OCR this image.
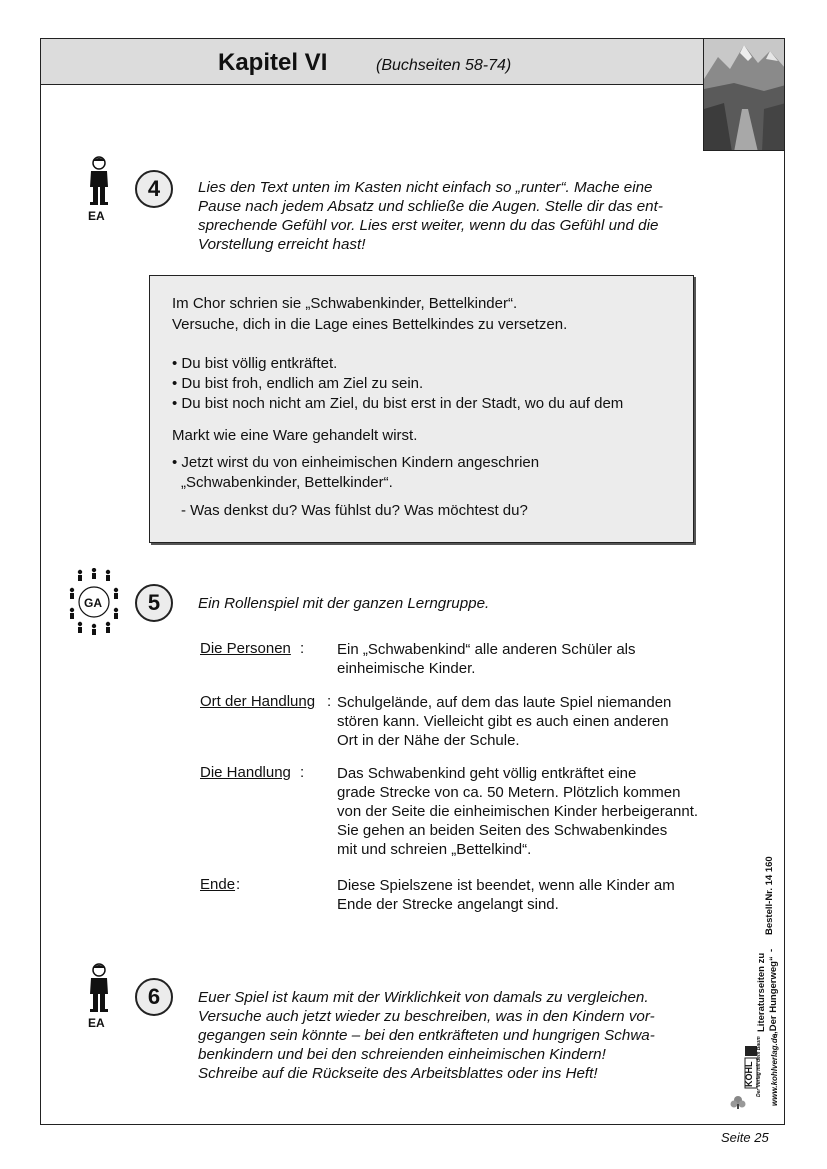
Kapitel VI	(Buchseiten 58-74)
EA
4	Lies den Text unten im Kasten nicht einfach so „runter“. Mache eine
Pause nach jedem Absatz und schließe die Augen. Stelle dir das ent-
sprechende Gefühl vor. Lies erst weiter, wenn du das Gefühl und die
Vorstellung erreicht hast!
Im Chor schrien sie „Schwabenkinder, Bettelkinder“.
Versuche, dich in die Lage eines Bettelkindes zu versetzen.
• Du bist völlig entkräftet.
• Du bist froh, endlich am Ziel zu sein.
• Du bist noch nicht am Ziel, du bist erst in der Stadt, wo du auf dem
Markt wie eine Ware gehandelt wirst.
• Jetzt wirst du von einheimischen Kindern angeschrien
„Schwabenkinder, Bettelkinder“.
- Was denkst du? Was fühlst du? Was möchtest du?
GA	5	Ein Rollenspiel mit der ganzen Lerngruppe.
Die Personen : Ein „Schwabenkind“ alle anderen Schüler als
einheimische Kinder.
Ort der Handlung : Schulgelände, auf dem das laute Spiel niemanden
stören kann. Vielleicht gibt es auch einen anderen
Ort in der Nähe der Schule.
Die Handlung : Das Schwabenkind geht völlig entkräftet eine
grade Strecke von ca. 50 Metern. Plötzlich kommen
von der Seite die einheimischen Kinder herbeigerannt.
Sie gehen an beiden Seiten des Schwabenkindes
mit und schreien „Bettelkind“.
Ende :	Diese Spielszene ist beendet, wenn alle Kinder am
Ende der Strecke angelangt sind.
EA
6	Euer Spiel ist kaum mit der Wirklichkeit von damals zu vergleichen.
Versuche auch jetzt wieder zu beschreiben, was in den Kindern vor-
gegangen sein könnte – bei den entkräfteten und hungrigen Schwa-
benkindern und bei den schreienden einheimischen Kindern!
Schreibe auf die Rückseite des Arbeitsblattes oder ins Heft!
Bestell-Nr. 14 160
-
Literaturseiten zu „Der Hungerweg“
www.kohlverlag.de
KOHL Der Verlag mit dem Baum
Seite 25
